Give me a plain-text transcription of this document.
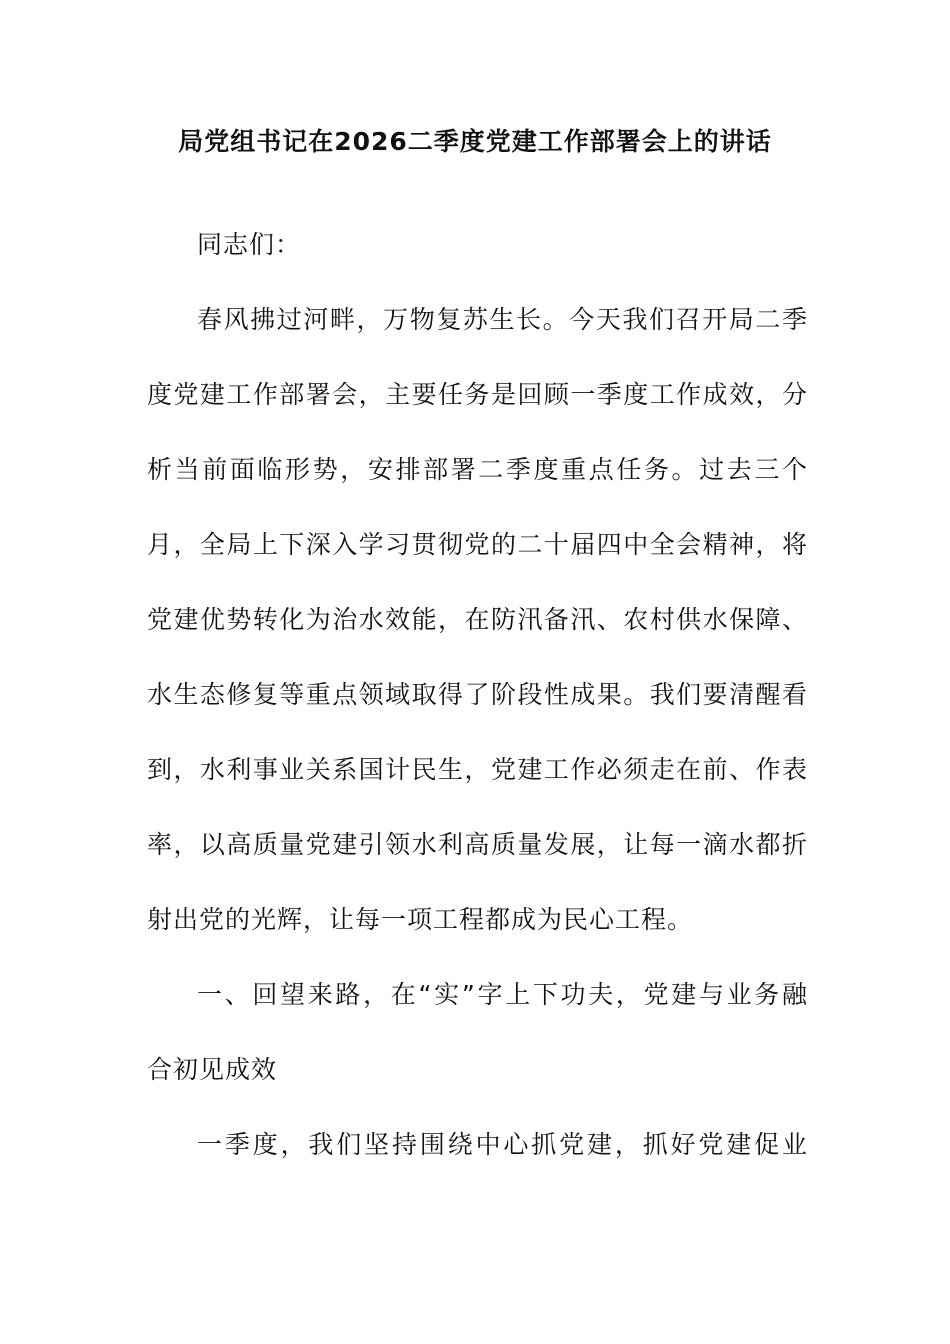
局党组书记在2026二季度党建工作部署会上的讲话
同志们：
春风拂过河畔，万物复苏生长。今天我们召开局二季
度党建工作部署会，主要任务是回顾一季度工作成效，分
析当前面临形势，安排部署二季度重点任务。过去三个
月，全局上下深入学习贯彻党的二十届四中全会精神，将
党建优势转化为治水效能，在防汛备汛、农村供水保障、
水生态修复等重点领域取得了阶段性成果。我们要清醒看
到，水利事业关系国计民生，党建工作必须走在前、作表
率，以高质量党建引领水利高质量发展，让每一滴水都折
射出党的光辉，让每一项工程都成为民心工程。
一、回望来路，在“实”字上下功夫，党建与业务融
合初见成效
一季度，我们坚持围绕中心抓党建，抓好党建促业
